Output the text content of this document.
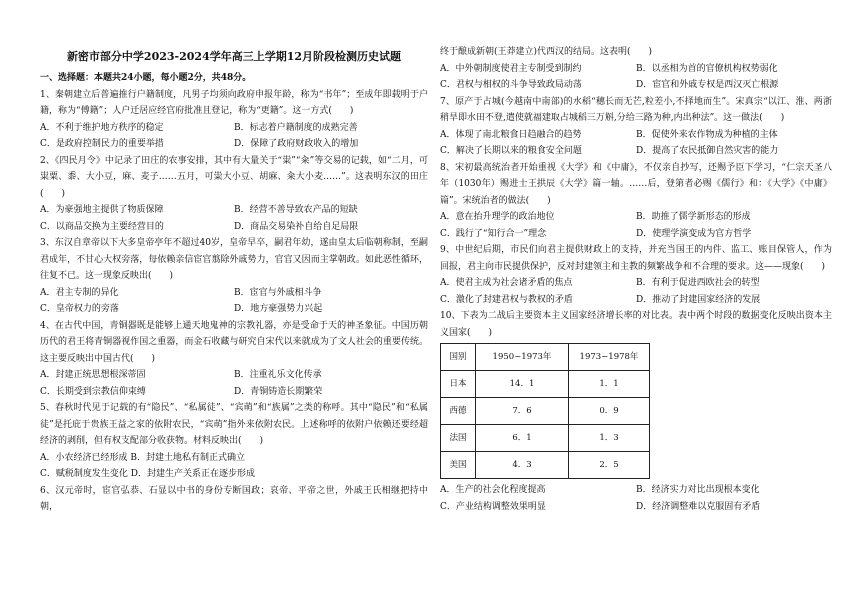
新密市部分中学2023-2024学年高三上学期12月阶段检测历史试题

一、选择题：本题共24小题，每小题2分，共48分。

1、秦朝建立后普遍推行户籍制度，凡男子均须向政府申报年龄，称为“书年”；至成年即载明于户籍，称为“傅籍”；人户迁居应经官府批准且登记，称为“更籍”。这一方式(　　)

A．不利于维护地方秩序的稳定	B．标志着户籍制度的成熟完善
C．是政府控制民力的重要举措	D．保障了政府财政收入的增加

2、《四民月令》中记录了田庄的农事安排，其中有大量关于“粜”“籴”等交易的记载，如“二月，可粜粟、黍、大小豆，麻、麦子……五月，可粜大小豆、胡麻、籴大小麦……”。这表明东汉的田庄(　　)

A．为豪强地主提供了物质保障	B．经营不善导致农产品的短缺
C．以商品交换为主要经营目的	D．商品交易染补自给自足局限

3、东汉自章帝以下大多皇帝亭年不超过40岁，皇帝早卒，嗣君年幼，遂由皇太后临朝称制，至嗣君成年，不甘心大权旁落，每依赖亲信宦官翦除外戚势力，官官又因而主掌朝政。如此恶性循环，往复不已。这一现象反映出(　　)

A．君主专制的异化	B．宦官与外戚相斗争
C．皇帝权力的旁落	D．地方豪强势力兴起

4、在古代中国，青铜器既是能够上通天地鬼神的宗教礼器，亦是受命于天的神圣象征。中国历朝历代的君王将青铜器视作国之重器，而金石收藏与研究自宋代以来就成为了文人社会的重要传统。这主要反映出中国古代(　　)

A．封建正统思想根深蒂固	B．注重礼乐文化传承
C．长期受到宗教信仰束缚	D．青铜铸造长期繁荣

5、春秋时代见于记载的有“隐民”、“私属徒”、“宾萌”和“族属”之类的称呼。其中“隐民”和“私属徒”是托庇于贵族王益之家的依附农民，“宾萌”指外来依附农民。上述称呼的依附户依赖还要经超经济的剥削，但有权支配部分收获物。材料反映出(　　)

A．小农经济已经形成 B．封建土地私有制正式确立

C．赋税制度发生变化 D．封建生产关系正在逐步形成

6、汉元帝时，宦官弘恭、石显以中书的身份专断国政；哀帝、平帝之世，外戚王氏相继把持中朝，

终于酿成新朝(王莽建立)代西汉的结局。这表明(　　)

A．中外朝制度使君主专制受到制约	B．以丞相为首的官僚机构权势弱化
C．君权与相权的斗争导致政局动荡	D．宦官和外戚专权是西汉灭亡根源

7、原产于占城(今越南中南部)的水稻“穗长而无芒,粒差小,不择地而生”。宋真宗“以江、淮、两浙稍旱即水田不登,遣使就福建取占城稻三万斛,分给三路为种,内出种法”。这一做法(　　)

A．体现了南北粮食日趋融合的趋势	B．促使外来农作物成为种植的主体
C．解决了长期以来的粮食安全问题	D．提高了农民抵御自然灾害的能力

8、宋初最高统治者开始重视《大学》和《中庸》，不仅亲自抄写，还赐予臣下学习，“仁宗天圣八年（1030年）赐进士王拱辰《大学》篇一轴。……后，登第者必赐《儒行》和：《大学》《中庸》篇”。宋统治者的做法(　　)

A．意在抬升理学的政治地位	B．助推了儒学新形态的形成
C．践行了“知行合一”理念	D．使理学演变成为官方哲学

9、中世纪后期，市民们向君主提供财政上的支持，并充当国王的内件、监工、账目保管人，作为回报，君主向市民提供保护，反对封建领主和主教的频繁战争和不合理的要求。这——现象(　　)

A．使君主成为社会诸矛盾的焦点	B．有利于促进西欧社会的转型
C．激化了封建君权与教权的矛盾	D．推动了封建国家经济的发展

10、下表为二战后主要资本主义国家经济增长率的对比表。表中两个时段的数据变化反映出资本主义国家(　　)

国别	1950~1973年	1973~1978年
日本	14．1	1．1
西德	7．6	0．9
法国	6．1	1．3
美国	4．3	2．5
A．生产的社会化程度提高	B．经济实力对比出现根本变化
C．产业结构调整效果明显	D．经济调整难以克服固有矛盾
